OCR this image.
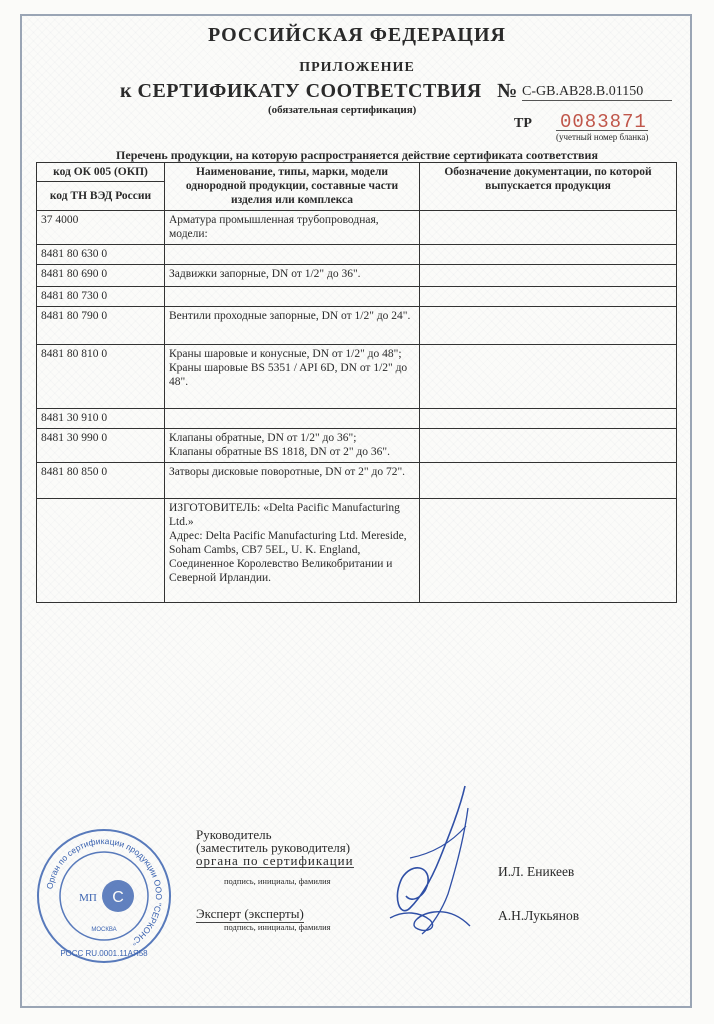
РОССИЙСКАЯ ФЕДЕРАЦИЯ
ПРИЛОЖЕНИЕ
к СЕРТИФИКАТУ СООТВЕТСТВИЯ № C-GB.AB28.B.01150
(обязательная сертификация)
ТР 0083871
(учетный номер бланка)
Перечень продукции, на которую распространяется действие сертификата соответствия
код ОК 005 (ОКП)	Наименование, типы, марки, модели однородной продукции, составные части изделия или комплекса	Обозначение документации, по которой выпускается продукция
код ТН ВЭД России		
37 4000	Арматура промышленная трубопроводная, модели:	
8481 80 630 0		
8481 80 690 0	Задвижки запорные, DN от 1/2" до 36".	
8481 80 730 0		
8481 80 790 0	Вентили проходные запорные, DN от 1/2" до 24".	
8481 80 810 0	Краны шаровые и конусные, DN от 1/2" до 48";
Краны шаровые BS 5351 / API 6D, DN от 1/2" до 48".	

8481 30 910 0		
8481 30 990 0	Клапаны обратные, DN от 1/2" до 36";
Клапаны обратные BS 1818, DN от 2" до 36".	

8481 80 850 0	Затворы дисковые поворотные, DN от 2" до 72".	

	ИЗГОТОВИТЕЛЬ: «Delta Pacific Manufacturing Ltd.»
Адрес: Delta Pacific Manufacturing Ltd. Mereside, Soham Cambs, CB7 5EL, U. K. England, Соединенное Королевство Великобритании и Северной Ирландии.	

Орган по сертификации продукции ООО "СЕРКОНС"
РОСС RU.0001.11АЯ58
МОСКВА
C
МП
Руководитель
(заместитель руководителя)
органа по сертификации
подпись, инициалы, фамилия
Эксперт (эксперты)
подпись, инициалы, фамилия
И.Л. Еникеев
А.Н.Лукьянов
